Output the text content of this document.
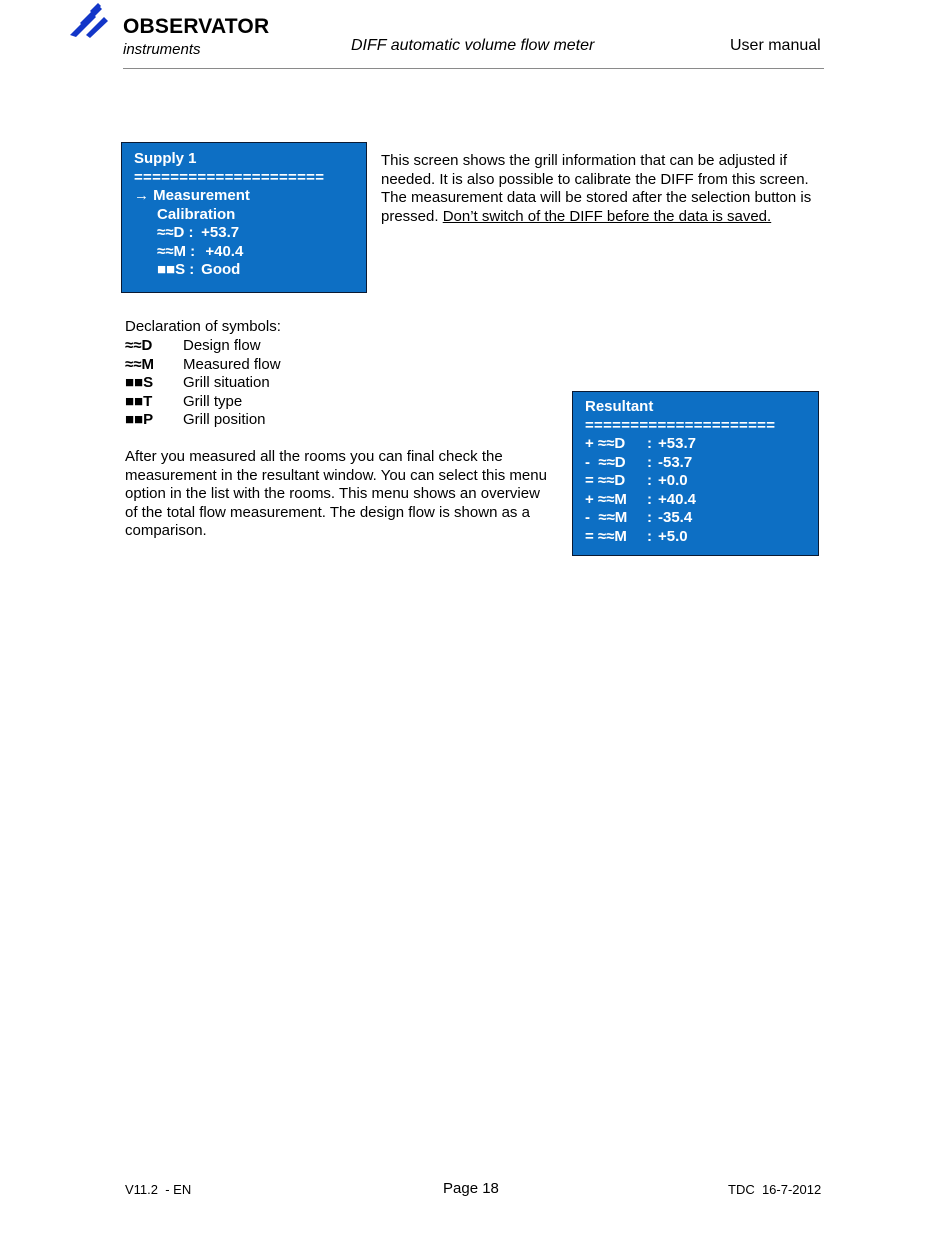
OBSERVATOR
instruments	DIFF automatic volume flow meter	User manual
Supply 1
=====================
→ Measurement
Calibration
≈≈D : +53.7
≈≈M :  +40.4
■■S : Good
This screen shows the grill information that can be adjusted if needed. It is also possible to calibrate the DIFF from this screen. The measurement data will be stored after the selection button is pressed. Don’t switch of the DIFF before the data is saved.
Declaration of symbols:
≈≈D Design flow
≈≈M Measured flow
■■S Grill situation
■■T Grill type
■■P Grill position
After you measured all the rooms you can final check the measurement in the resultant window. You can select this menu option in the list with the rooms. This menu shows an overview of the total flow measurement. The design flow is shown as a comparison.
Resultant
=====================
+ ≈≈D : +53.7
-  ≈≈D : -53.7
= ≈≈D : +0.0
+ ≈≈M : +40.4
-  ≈≈M : -35.4
= ≈≈M : +5.0
V11.2  - EN	Page 18	TDC  16-7-2012
